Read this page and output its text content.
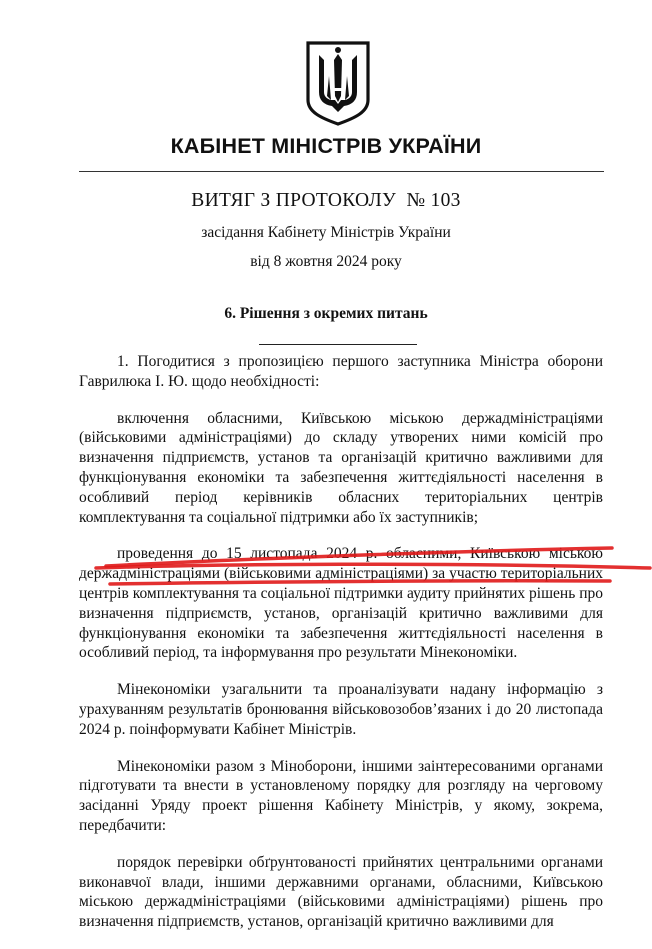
КАБІНЕТ МІНІСТРІВ УКРАЇНИ
ВИТЯГ З ПРОТОКОЛУ  № 103
засідання Кабінету Міністрів України
від 8 жовтня 2024 року
6. Рішення з окремих питань

1. Погодитися з пропозицією першого заступника Міністра оборони Гаврилюка І. Ю. щодо необхідності:

включення обласними, Київською міською держадміністраціями (військовими адміністраціями) до складу утворених ними комісій про визначення підприємств, установ та організацій критично важливими для функціонування економіки та забезпечення життєдіяльності населення в особливий період керівників обласних територіальних центрів комплектування та соціальної підтримки або їх заступників;

проведення до 15 листопада 2024 р. обласними, Київською міською держадміністраціями (військовими адміністраціями) за участю територіальних центрів комплектування та соціальної підтримки аудиту прийнятих рішень про визначення підприємств, установ, організацій критично важливими для функціонування економіки та забезпечення життєдіяльності населення в особливий період, та інформування про результати Мінекономіки.

Мінекономіки узагальнити та проаналізувати надану інформацію з урахуванням результатів бронювання військовозобов’язаних і до 20 листопада 2024 р. поінформувати Кабінет Міністрів.

Мінекономіки разом з Міноборони, іншими заінтересованими органами підготувати та внести в установленому порядку для розгляду на черговому засіданні Уряду проект рішення Кабінету Міністрів, у якому, зокрема, передбачити:

порядок перевірки обґрунтованості прийнятих центральними органами виконавчої влади, іншими державними органами, обласними, Київською міською держадміністраціями (військовими адміністраціями) рішень про визначення підприємств, установ, організацій критично важливими для
